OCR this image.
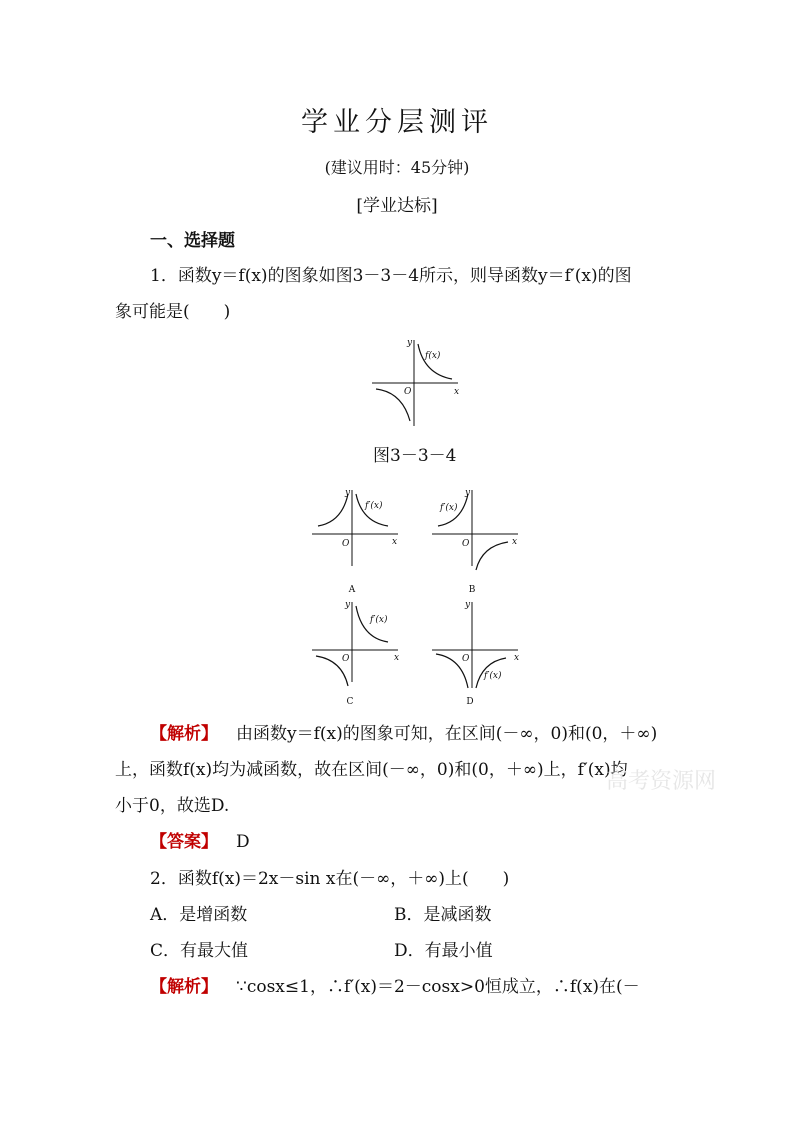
学业分层测评
(建议用时：45分钟)
[学业达标]
一、选择题
1．函数y＝f(x)的图象如图3－3－4所示，则导函数y＝f′(x)的图
象可能是(　　)
y
x
O
f(x)
图3－3－4
y
x
O
f′(x)
A
y
x
O
f′(x)
B
y
x
O
f′(x)
C
y
x
O
f′(x)
D
【解析】 由函数y＝f(x)的图象可知，在区间(－∞，0)和(0，＋∞)
上，函数f(x)均为减函数，故在区间(－∞，0)和(0，＋∞)上，f′(x)均
小于0，故选D.
高考资源网
【答案】 D
2．函数f(x)＝2x－sin x在(－∞，＋∞)上(　　)
A．是增函数	B．是减函数
C．有最大值	D．有最小值
【解析】 ∵cosx≤1，∴f′(x)＝2－cosx>0恒成立，∴f(x)在(－
